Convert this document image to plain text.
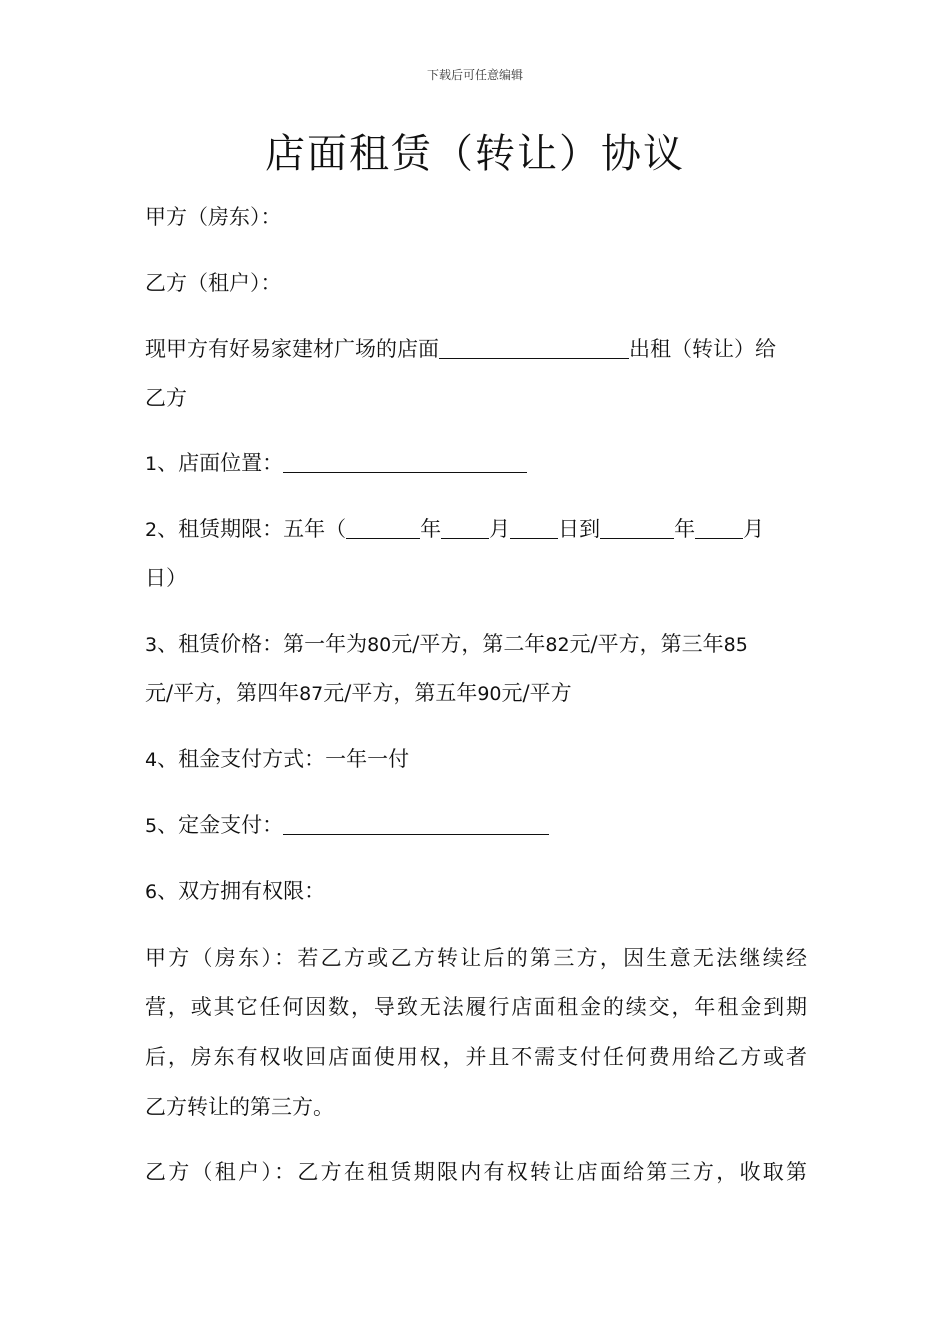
下载后可任意编辑
店面租赁（转让）协议
甲方（房东）：
乙方（租户）：
现甲方有好易家建材广场的店面	出租（转让）给
乙方
1、店面位置：
2、租赁期限：五年（	年 月 日到	年 月
日）
3、租赁价格：第一年为80元/平方，第二年82元/平方，第三年85
元/平方，第四年87元/平方，第五年90元/平方
4、租金支付方式：一年一付
5、定金支付：
6、双方拥有权限：
甲方（房东）：若乙方或乙方转让后的第三方，因生意无法继续经
营，或其它任何因数，导致无法履行店面租金的续交，年租金到期
后，房东有权收回店面使用权，并且不需支付任何费用给乙方或者
乙方转让的第三方。
乙方（租户）：乙方在租赁期限内有权转让店面给第三方，收取第
